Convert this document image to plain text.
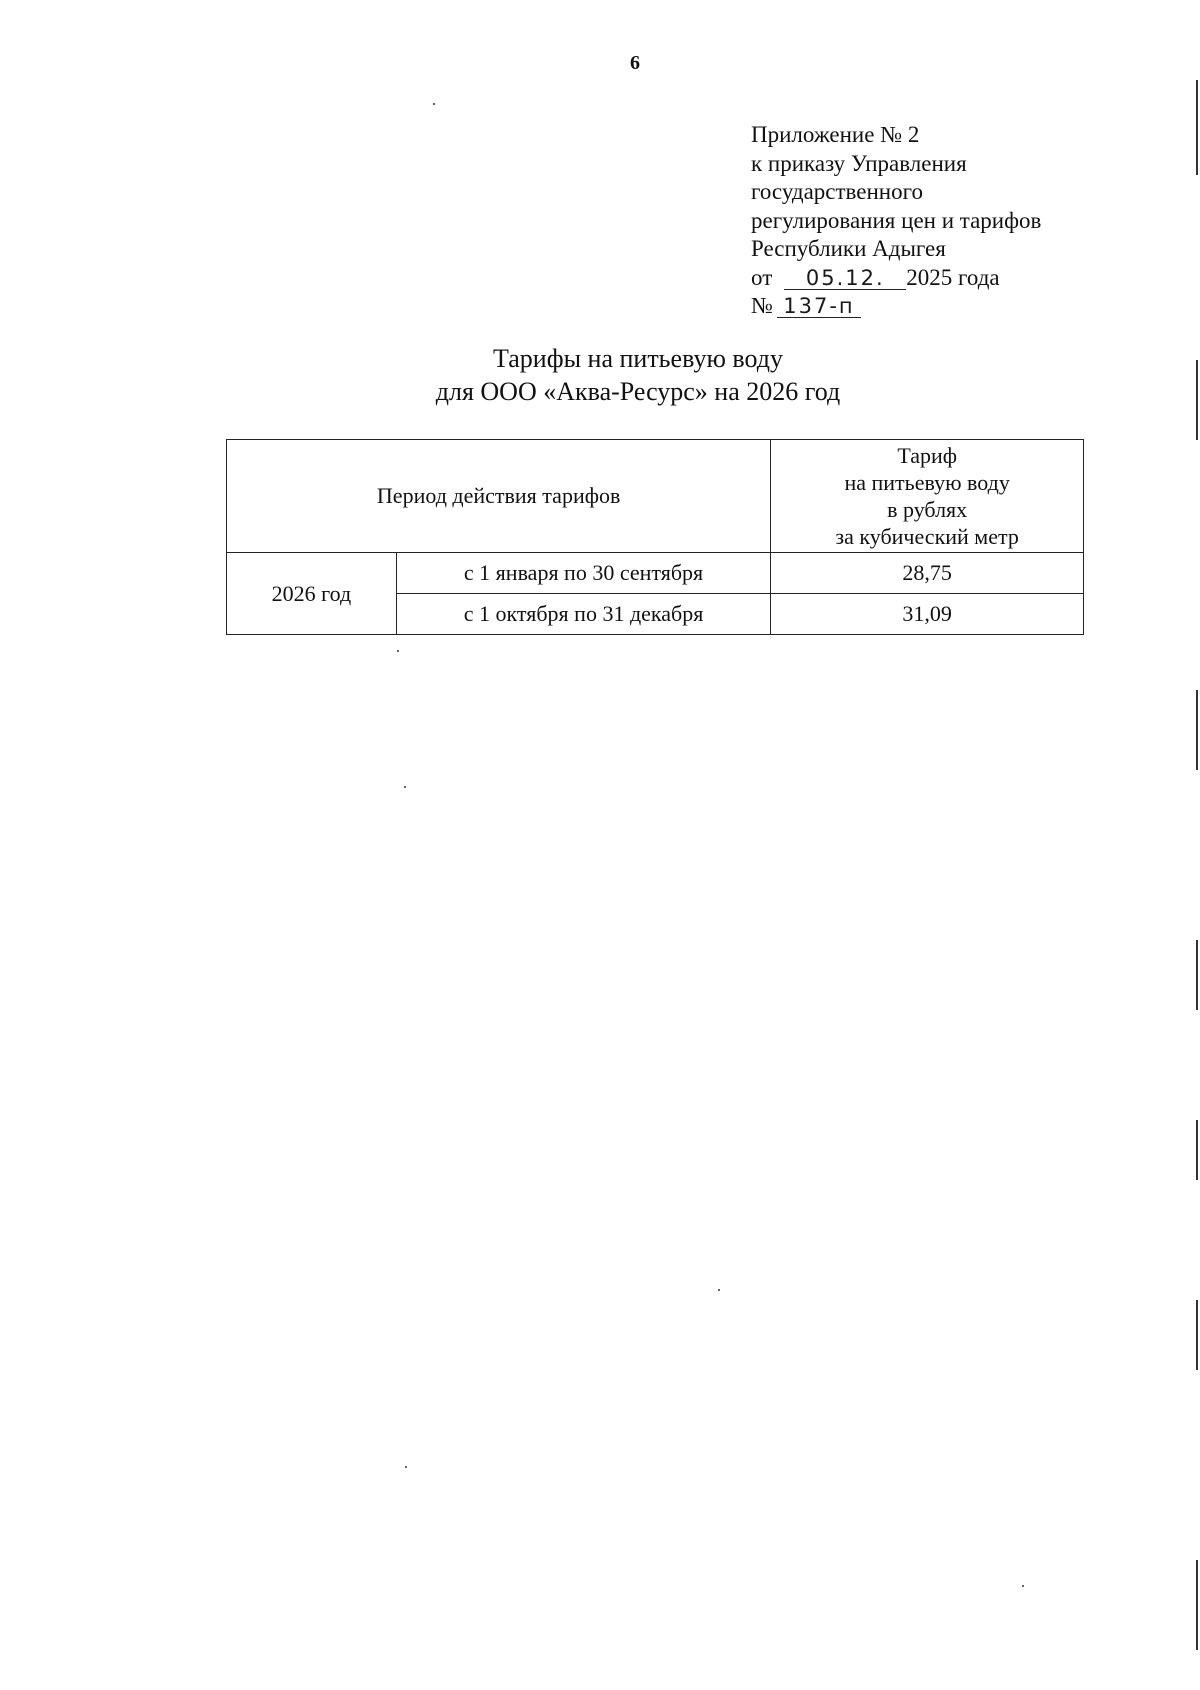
6
Приложение № 2
к приказу Управления
государственного
регулирования цен и тарифов
Республики Адыгея
от 05.12. 2025 года
№ 137-п
Тарифы на питьевую воду
для ООО «Аква-Ресурс» на 2026 год
Период действия тарифов		Тариф
на питьевую воду
в рублях
за кубический метр

2026 год	с 1 января по 30 сентября	28,75
	с 1 октября по 31 декабря	31,09
